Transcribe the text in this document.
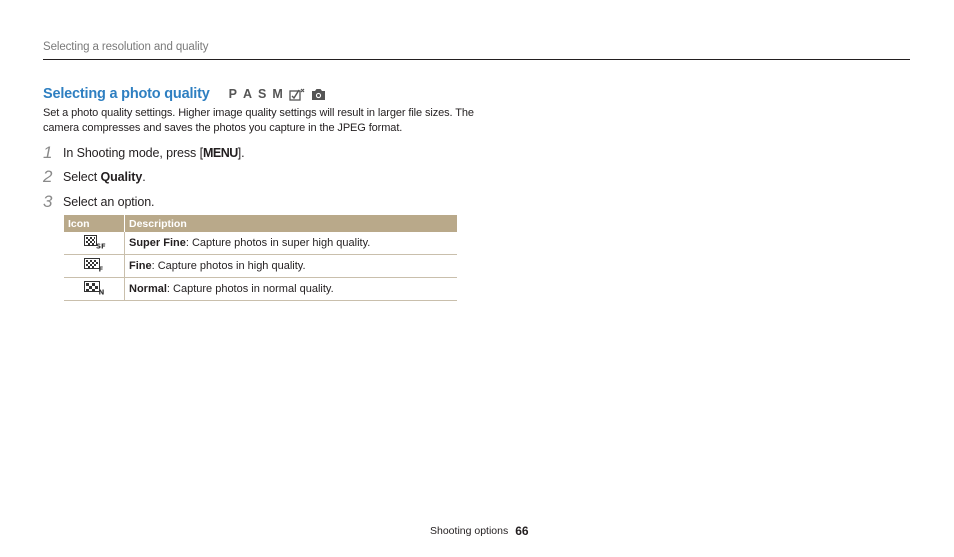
Selecting a resolution and quality
Selecting a photo quality P A S M
Set a photo quality settings. Higher image quality settings will result in larger file sizes. The camera compresses and saves the photos you capture in the JPEG format.
1 In Shooting mode, press [MENU].
2 Select Quality.
3 Select an option.
Icon	Description

SF	Super Fine: Capture photos in super high quality.

F	Fine: Capture photos in high quality.

N	Normal: Capture photos in normal quality.
Shooting options 66
